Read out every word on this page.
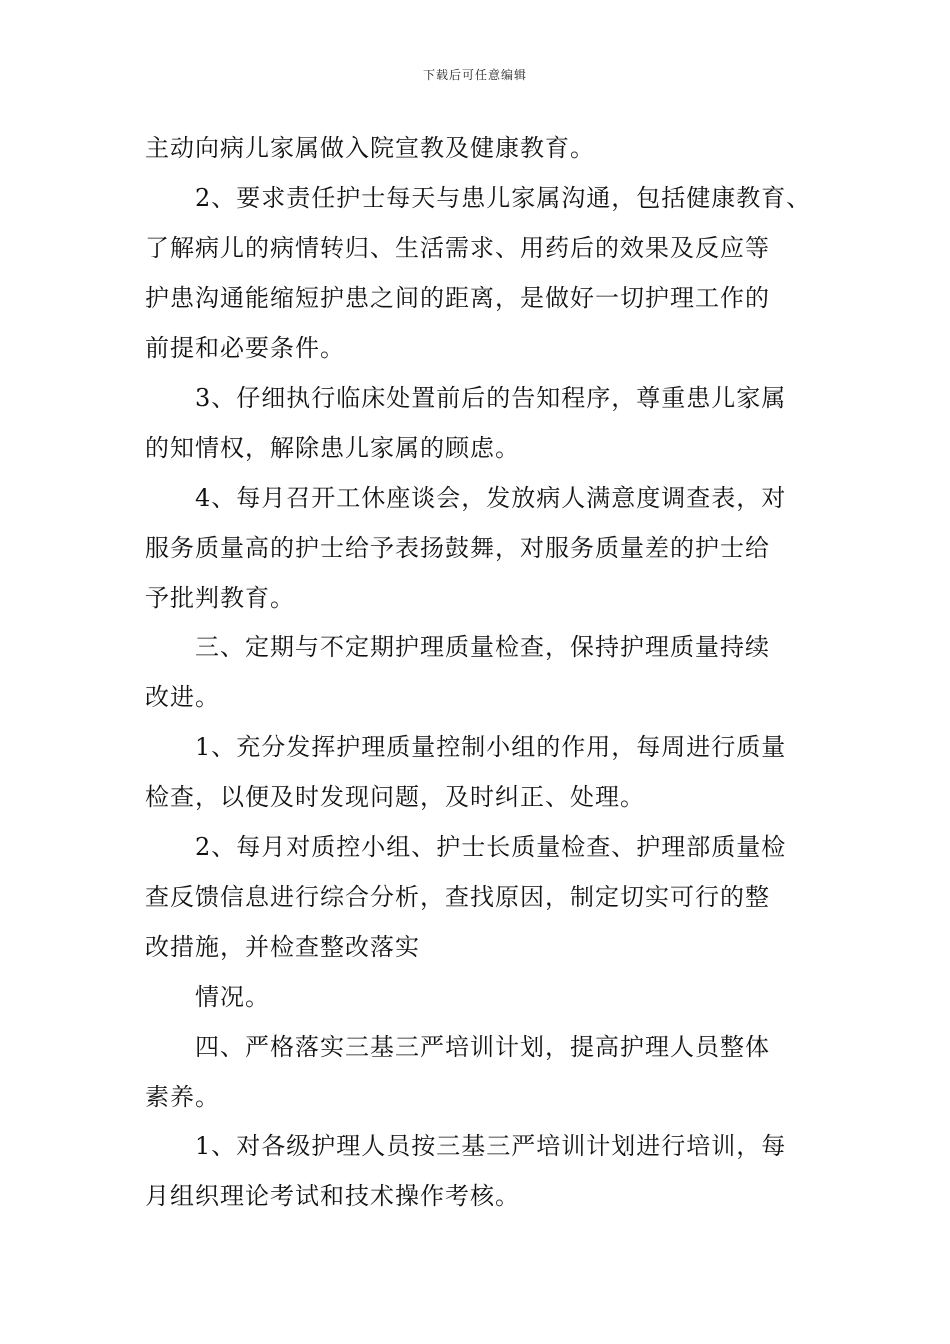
下载后可任意编辑
主动向病儿家属做入院宣教及健康教育。
2、要求责任护士每天与患儿家属沟通，包括健康教育、
了解病儿的病情转归、生活需求、用药后的效果及反应等
护患沟通能缩短护患之间的距离，是做好一切护理工作的
前提和必要条件。
3、仔细执行临床处置前后的告知程序，尊重患儿家属
的知情权，解除患儿家属的顾虑。
4、每月召开工休座谈会，发放病人满意度调查表，对
服务质量高的护士给予表扬鼓舞，对服务质量差的护士给
予批判教育。
三、定期与不定期护理质量检查，保持护理质量持续
改进。
1、充分发挥护理质量控制小组的作用，每周进行质量
检查，以便及时发现问题，及时纠正、处理。
2、每月对质控小组、护士长质量检查、护理部质量检
查反馈信息进行综合分析，查找原因，制定切实可行的整
改措施，并检查整改落实
情况。
四、严格落实三基三严培训计划，提高护理人员整体
素养。
1、对各级护理人员按三基三严培训计划进行培训，每
月组织理论考试和技术操作考核。
